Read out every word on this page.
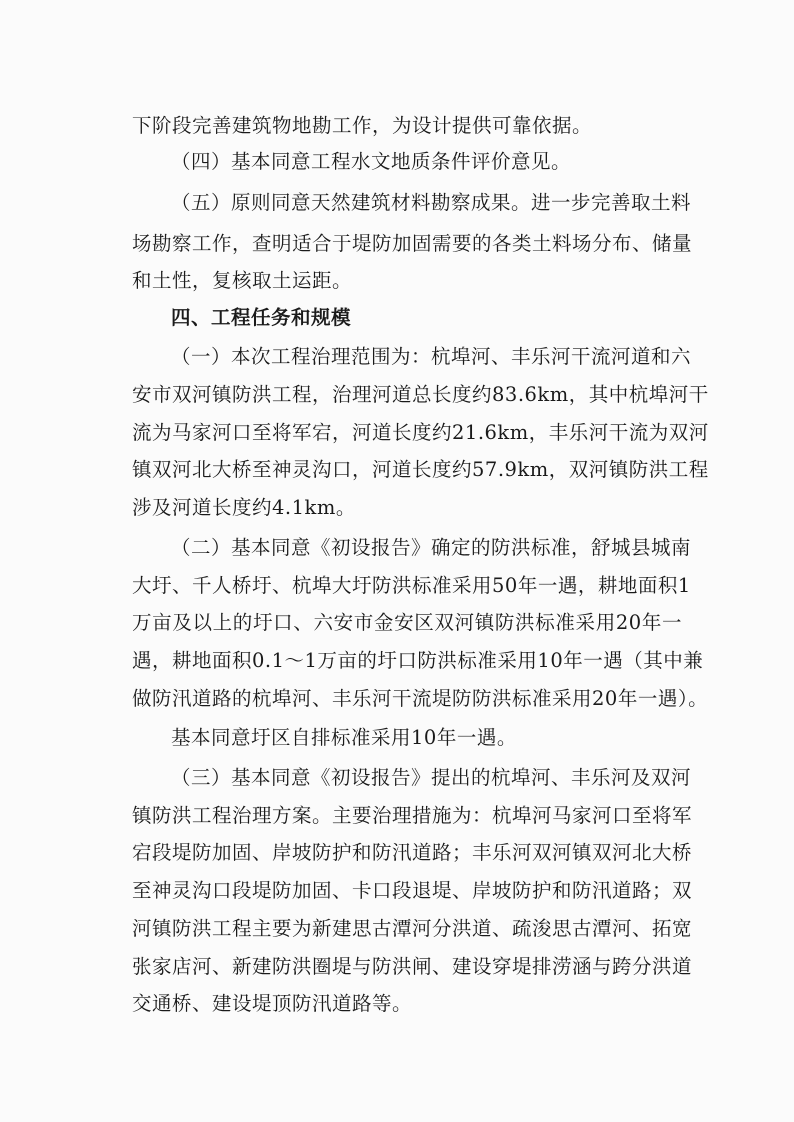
下阶段完善建筑物地勘工作，为设计提供可靠依据。
（四）基本同意工程水文地质条件评价意见。
（五）原则同意天然建筑材料勘察成果。进一步完善取土料
场勘察工作，查明适合于堤防加固需要的各类土料场分布、储量
和土性，复核取土运距。
四、工程任务和规模
（一）本次工程治理范围为：杭埠河、丰乐河干流河道和六
安市双河镇防洪工程，治理河道总长度约83.6km，其中杭埠河干
流为马家河口至将军宕，河道长度约21.6km，丰乐河干流为双河
镇双河北大桥至神灵沟口，河道长度约57.9km，双河镇防洪工程
涉及河道长度约4.1km。
（二）基本同意《初设报告》确定的防洪标准，舒城县城南
大圩、千人桥圩、杭埠大圩防洪标准采用50年一遇，耕地面积1
万亩及以上的圩口、六安市金安区双河镇防洪标准采用20年一
遇，耕地面积0.1～1万亩的圩口防洪标准采用10年一遇（其中兼
做防汛道路的杭埠河、丰乐河干流堤防防洪标准采用20年一遇）。
基本同意圩区自排标准采用10年一遇。
（三）基本同意《初设报告》提出的杭埠河、丰乐河及双河
镇防洪工程治理方案。主要治理措施为：杭埠河马家河口至将军
宕段堤防加固、岸坡防护和防汛道路；丰乐河双河镇双河北大桥
至神灵沟口段堤防加固、卡口段退堤、岸坡防护和防汛道路；双
河镇防洪工程主要为新建思古潭河分洪道、疏浚思古潭河、拓宽
张家店河、新建防洪圈堤与防洪闸、建设穿堤排涝涵与跨分洪道
交通桥、建设堤顶防汛道路等。
